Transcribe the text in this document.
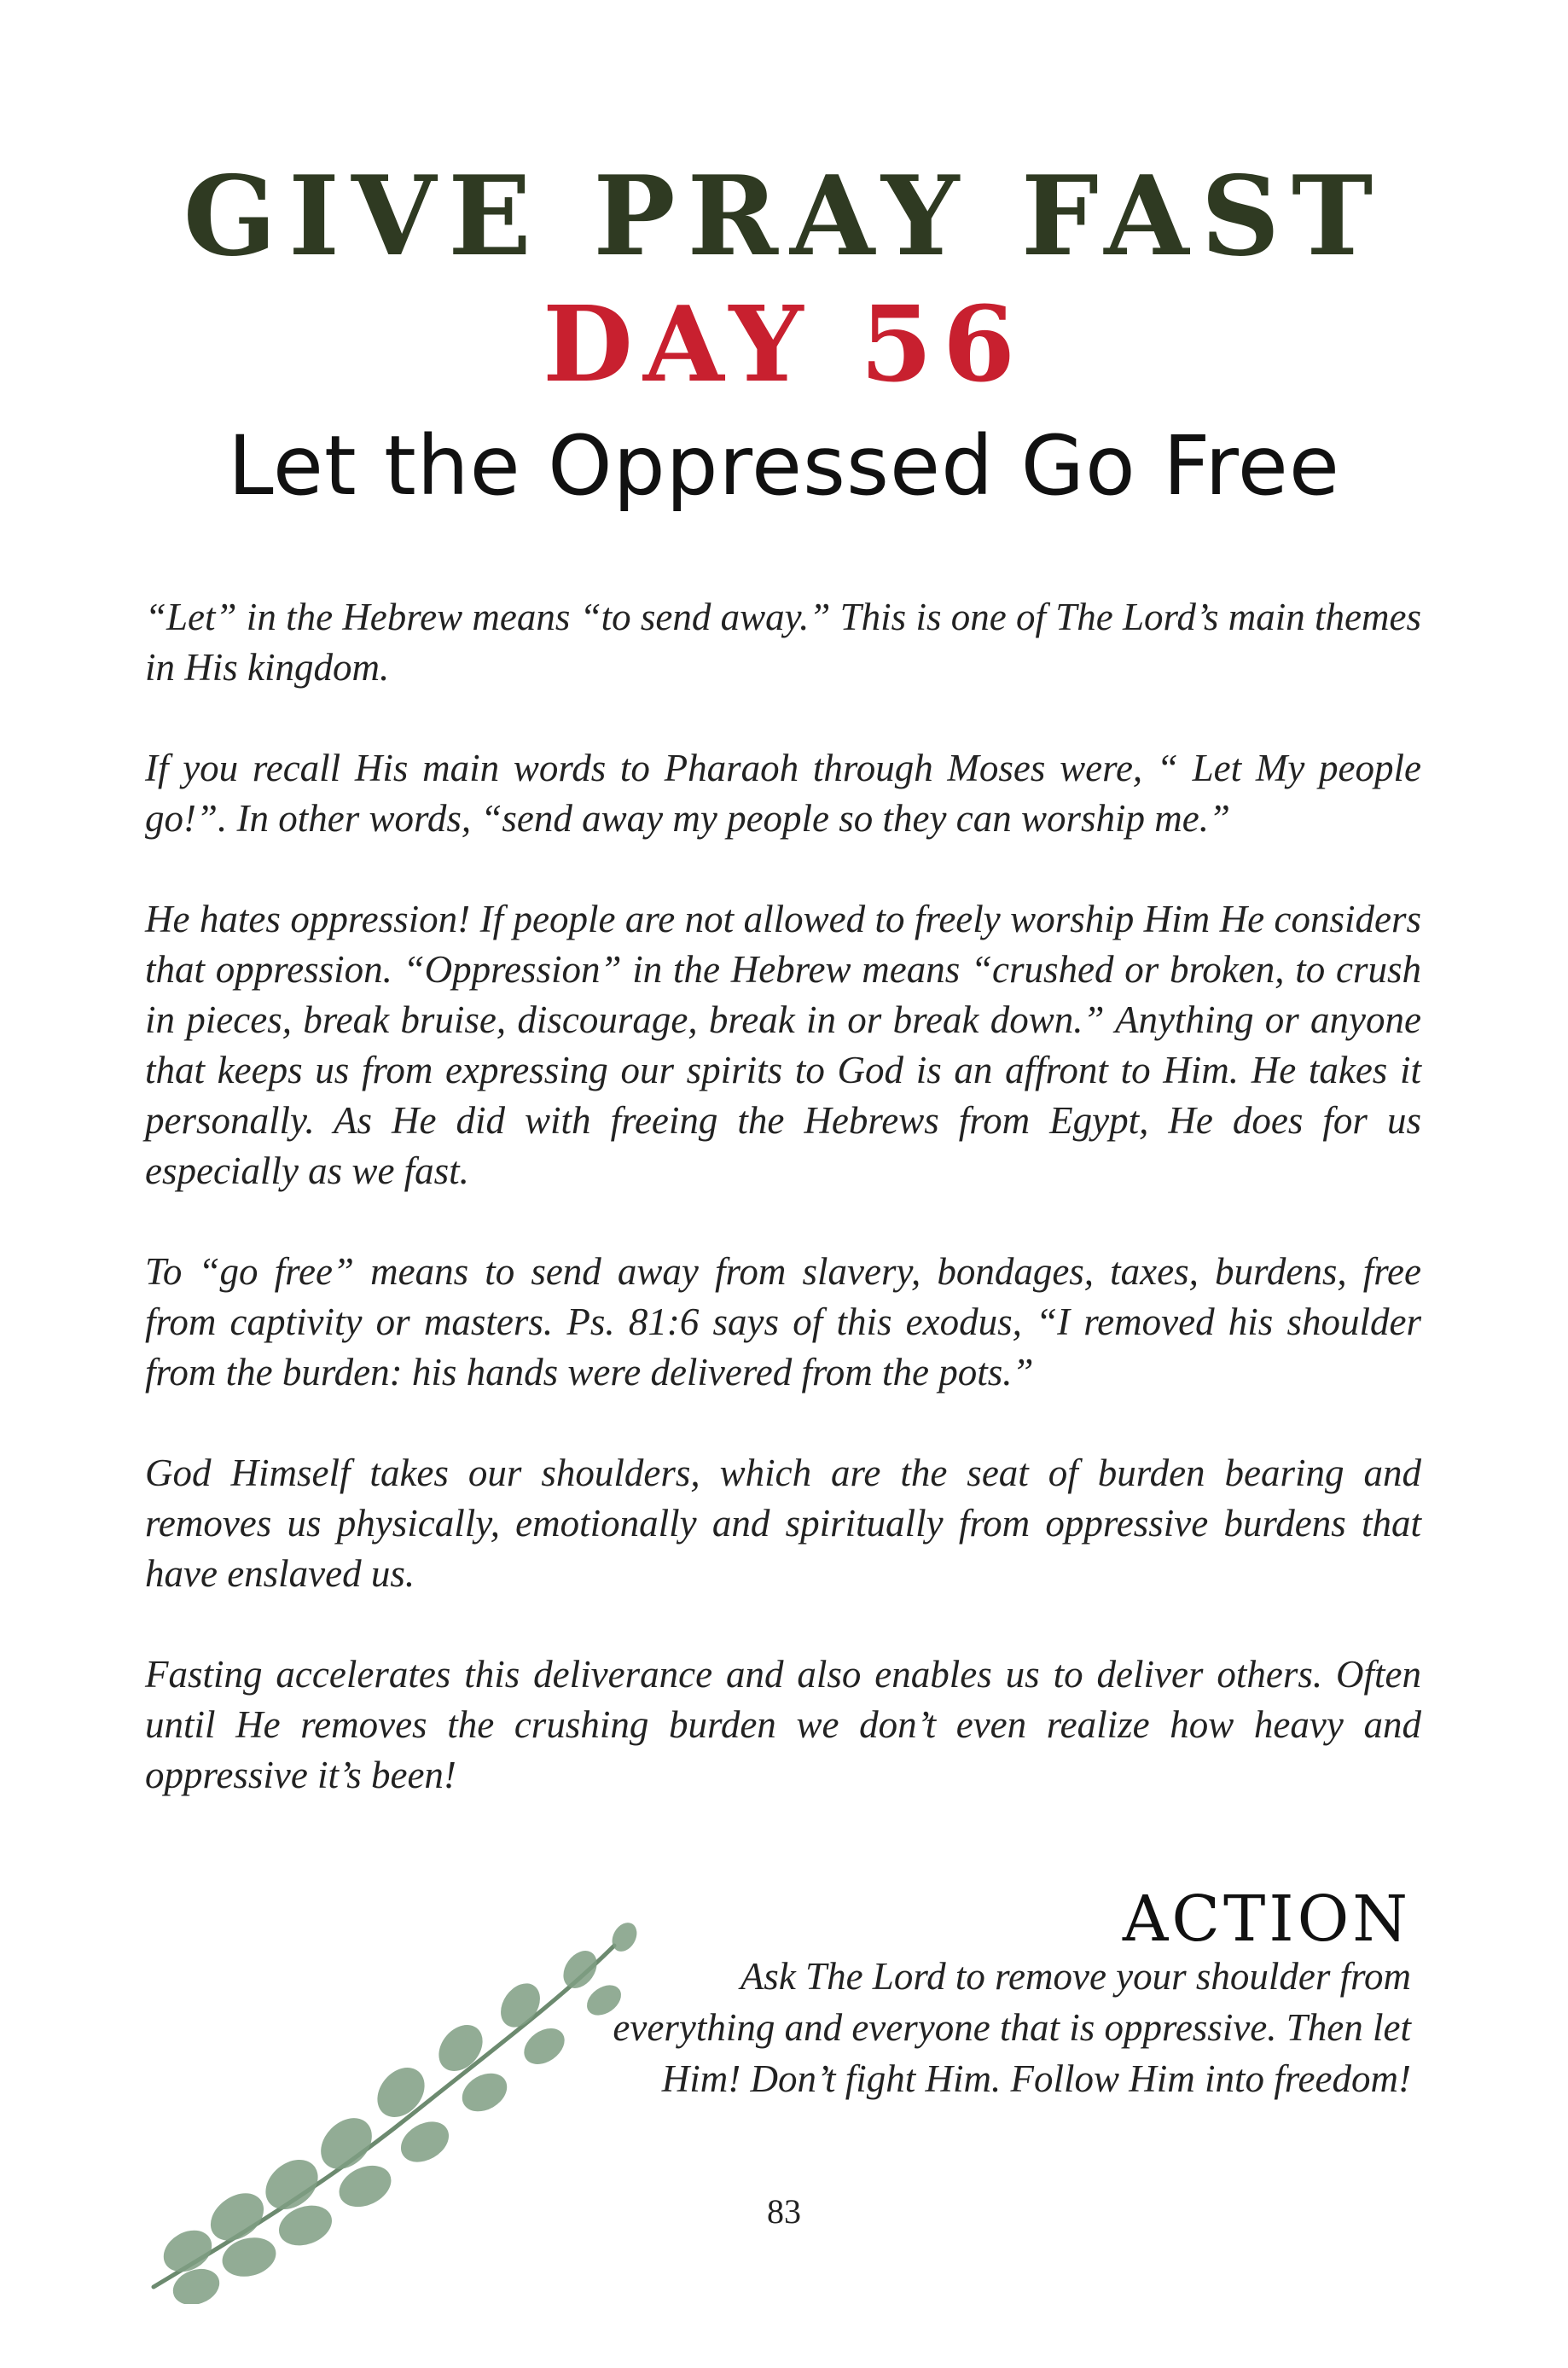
GIVE PRAY FAST
DAY 56
Let the Oppressed Go Free

“Let” in the Hebrew means “to send away.” This is one of The Lord’s main themes in His kingdom.

If you recall His main words to Pharaoh through Moses were, “ Let My people go!”. In other words, “send away my people so they can worship me.”

He hates oppression! If people are not allowed to freely worship Him He considers that oppression. “Oppression” in the Hebrew means “crushed or broken, to crush in pieces, break bruise, discourage, break in or break down.” Anything or anyone that keeps us from expressing our spirits to God is an affront to Him. He takes it personally. As He did with freeing the Hebrews from Egypt, He does for us especially as we fast.

To “go free” means to send away from slavery, bondages, taxes, burdens, free from captivity or masters. Ps. 81:6 says of this exodus, “I removed his shoulder from the burden: his hands were delivered from the pots.”

God Himself takes our shoulders, which are the seat of burden bearing and removes us physically, emotionally and spiritually from oppressive burdens that have enslaved us.

Fasting accelerates this deliverance and also enables us to deliver others. Often until He removes the crushing burden we don’t even realize how heavy and oppressive it’s been!

ACTION
Ask The Lord to remove your shoulder from everything and everyone that is oppressive. Then let Him! Don’t fight Him. Follow Him into freedom!
83
